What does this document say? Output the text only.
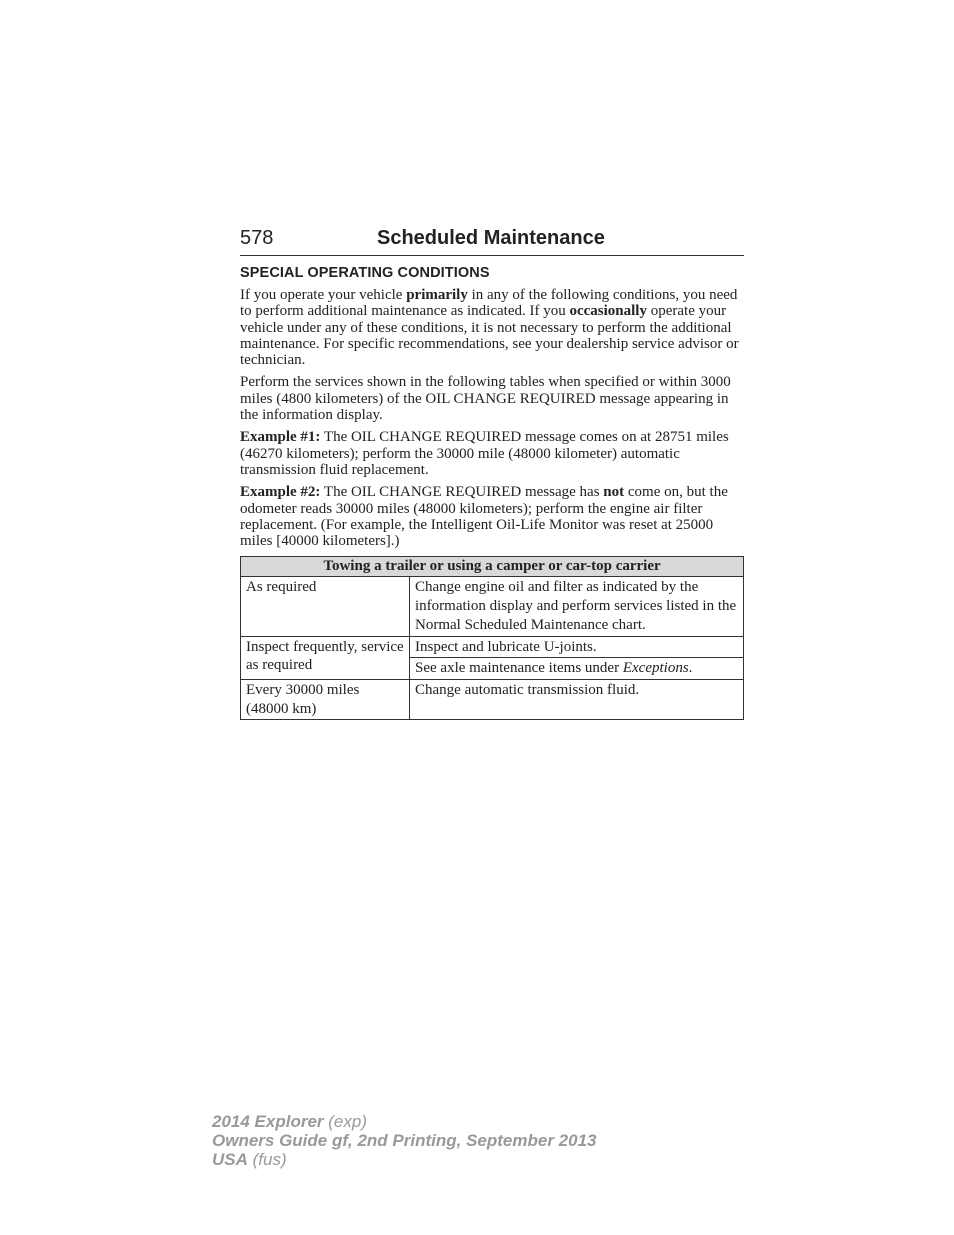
578	Scheduled Maintenance
SPECIAL OPERATING CONDITIONS

If you operate your vehicle primarily in any of the following conditions, you need to perform additional maintenance as indicated. If you occasionally operate your vehicle under any of these conditions, it is not necessary to perform the additional maintenance. For specific recommendations, see your dealership service advisor or technician.

Perform the services shown in the following tables when specified or within 3000 miles (4800 kilometers) of the OIL CHANGE REQUIRED message appearing in the information display.

Example #1: The OIL CHANGE REQUIRED message comes on at 28751 miles (46270 kilometers); perform the 30000 mile (48000 kilometer) automatic transmission fluid replacement.

Example #2: The OIL CHANGE REQUIRED message has not come on, but the odometer reads 30000 miles (48000 kilometers); perform the engine air filter replacement. (For example, the Intelligent Oil-Life Monitor was reset at 25000 miles [40000 kilometers].)

Towing a trailer or using a camper or car-top carrier	
As required	Change engine oil and filter as indicated by the information display and perform services listed in the Normal Scheduled Maintenance chart.
Inspect frequently, service as required	Inspect and lubricate U-joints.
	See axle maintenance items under Exceptions.
Every 30000 miles (48000 km)	Change automatic transmission fluid.
2014 Explorer (exp)
Owners Guide gf, 2nd Printing, September 2013
USA (fus)
